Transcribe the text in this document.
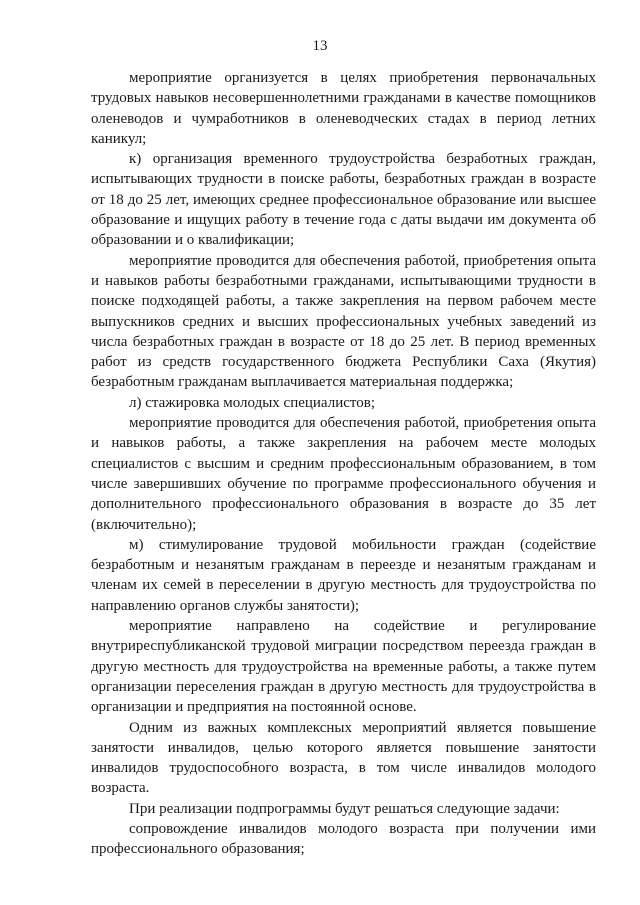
13

мероприятие организуется в целях приобретения первоначальных трудовых навыков несовершеннолетними гражданами в качестве помощников оленеводов и чумработников в оленеводческих стадах в период летних каникул;

к) организация временного трудоустройства безработных граждан, испытывающих трудности в поиске работы, безработных граждан в возрасте от 18 до 25 лет, имеющих среднее профессиональное образование или высшее образование и ищущих работу в течение года с даты выдачи им документа об образовании и о квалификации;

мероприятие проводится для обеспечения работой, приобретения опыта и навыков работы безработными гражданами, испытывающими трудности в поиске подходящей работы, а также закрепления на первом рабочем месте выпускников средних и высших профессиональных учебных заведений из числа безработных граждан в возрасте от 18 до 25 лет. В период временных работ из средств государственного бюджета Республики Саха (Якутия) безработным гражданам выплачивается материальная поддержка;

л) стажировка молодых специалистов;

мероприятие проводится для обеспечения работой, приобретения опыта и навыков работы, а также закрепления на рабочем месте молодых специалистов с высшим и средним профессиональным образованием, в том числе завершивших обучение по программе профессионального обучения и дополнительного профессионального образования в возрасте до 35 лет (включительно);

м) стимулирование трудовой мобильности граждан (содействие безработным и незанятым гражданам в переезде и незанятым гражданам и членам их семей в переселении в другую местность для трудоустройства по направлению органов службы занятости);

мероприятие направлено на содействие и регулирование внутриреспубликанской трудовой миграции посредством переезда граждан в другую местность для трудоустройства на временные работы, а также путем организации переселения граждан в другую местность для трудоустройства в организации и предприятия на постоянной основе.

Одним из важных комплексных мероприятий является повышение занятости инвалидов, целью которого является повышение занятости инвалидов трудоспособного возраста, в том числе инвалидов молодого возраста.

При реализации подпрограммы будут решаться следующие задачи:

сопровождение инвалидов молодого возраста при получении ими профессионального образования;
